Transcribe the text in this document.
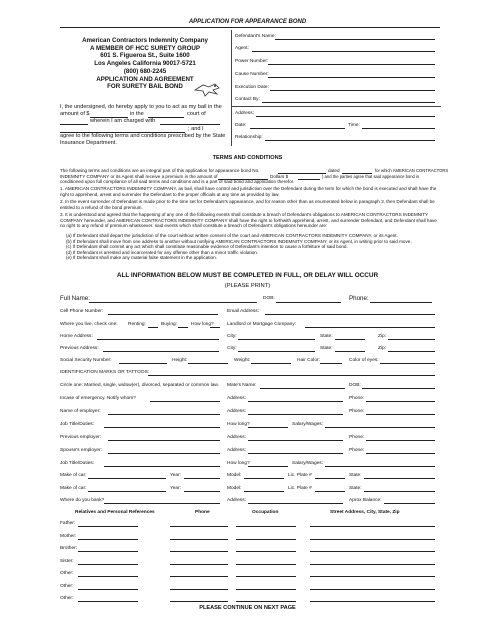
APPLICATION FOR APPEARANCE BOND
American Contractors Indemnity Company
A MEMBER OF HCC SURETY GROUP
601 S. Figueroa St., Suite 1600
Los Angeles California 90017-5721
(800) 680-2245
APPLICATION AND AGREEMENT
FOR SURETY BAIL BOND
Defendant's Name:
Agent:
Power Number:
Cause Number:
Execution Date:
Contact By:
Address:
Date:	Time:
Relationship:
I, the undersigned, do hereby apply to you to act as my bail in the
amount of $	in the	court of
wherein I am charged with
; and I
agree to the following terms and conditions prescribed by the State
Insurance Department.
TERMS AND CONDITIONS
The following terms and conditions are an integral part of this application for appearance bond No.	dated	for which AMERICAN CONTRACTORS
INDEMNITY COMPANY or its Agent shall receive a premium in the amount of	Dollars $	) and the parties agree that said appearance bond is
conditioned upon full compliance of all said terms and conditions and is a part of said bond and application therefor.
1. AMERICAN CONTRACTORS INDEMNITY COMPANY, as bail, shall have control and jurisdiction over the Defendant during the term for which the bond is executed and shall have the right to apprehend, arrest and surrender the Defendant to the proper officials at any time as provided by law.
2. In the event surrender of Defendant is made prior to the time set for Defendant's appearance, and for reason other than as enumerated below in paragraph 3, then Defendant shall be entitled to a refund of the bond premium.
3. It is understood and agreed that the happening of any one of the following events shall constitute a breach of Defendant's obligations to AMERICAN CONTRACTORS INDEMNITY COMPANY hereunder, and AMERICAN CONTRACTORS INDEMNITY COMPANY shall have the right to forthwith apprehend, arrest, and surrender Defendant, and Defendant shall have no right to any refund of premium whatsoever. said events which shall constitute a breach of Defendant's obligations hereunder are:
(a) If Defendant shall depart the jurisdiction of the court without written consent of the court and AMERICAN CONTRACTORS INDEMNITY COMPANY, or its Agent.
(b) If Defendant shall move from one address to another without notifying AMERICAN CONTRACTORS INDEMNITY COMPANY, or its Agent, in writing prior to said move.
(c) If Defendant shall commit any act which shall constitute reasonable evidence of Defendant's intention to cause a forfeiture of said bond.
(d) If Defendant is arrested and incarcerated for any offense other than a minor traffic violation.
(e) If Defendant shall make any material false statement in the application.
ALL INFORMATION BELOW MUST BE COMPLETED IN FULL, OR DELAY WILL OCCUR
(PLEASE PRINT)
Full Name:	DOB:	Phone:
Cell Phone Number:	Email Address:
Where you live, check one: Renting:	Buying:	How long?	Landlord or Mortgage Company:
Home Address:	City:	State:	Zip:
Previous Address:	City:	State:	Zip:
Social Security Number:	Height:	Weight:	Hair Color:	Color of eyes:
IDENTIFICATION MARKS OR TATTOOS:
Circle one: Married, single, widow(er), divorced, separated or common law. Mate's Name:	DOB:
Incase of emergency. Notify whom?	Address:	Phone:
Name of employer:	Address:	Phone:
Job Title/Duties:	How long?	Salary/Wages:
Previous employer:	Address:	Phone:
Spouse's employer:	Address:	Phone:
Job Title/Duties:	How long?	Salary/Wages:
Make of car:	Year:	Model:	Lic. Plate #	State:
Make of car:	Year:	Model:	Lic. Plate #	State:
Where do you bank?	Address:	Aprox Balance:
Relatives and Personal References	Phone	Occupation	Street Address, City, State, Zip
Father:
Mother:
Brother:
Sister:
Other:
Other:
Other:
PLEASE CONTINUE ON NEXT PAGE
